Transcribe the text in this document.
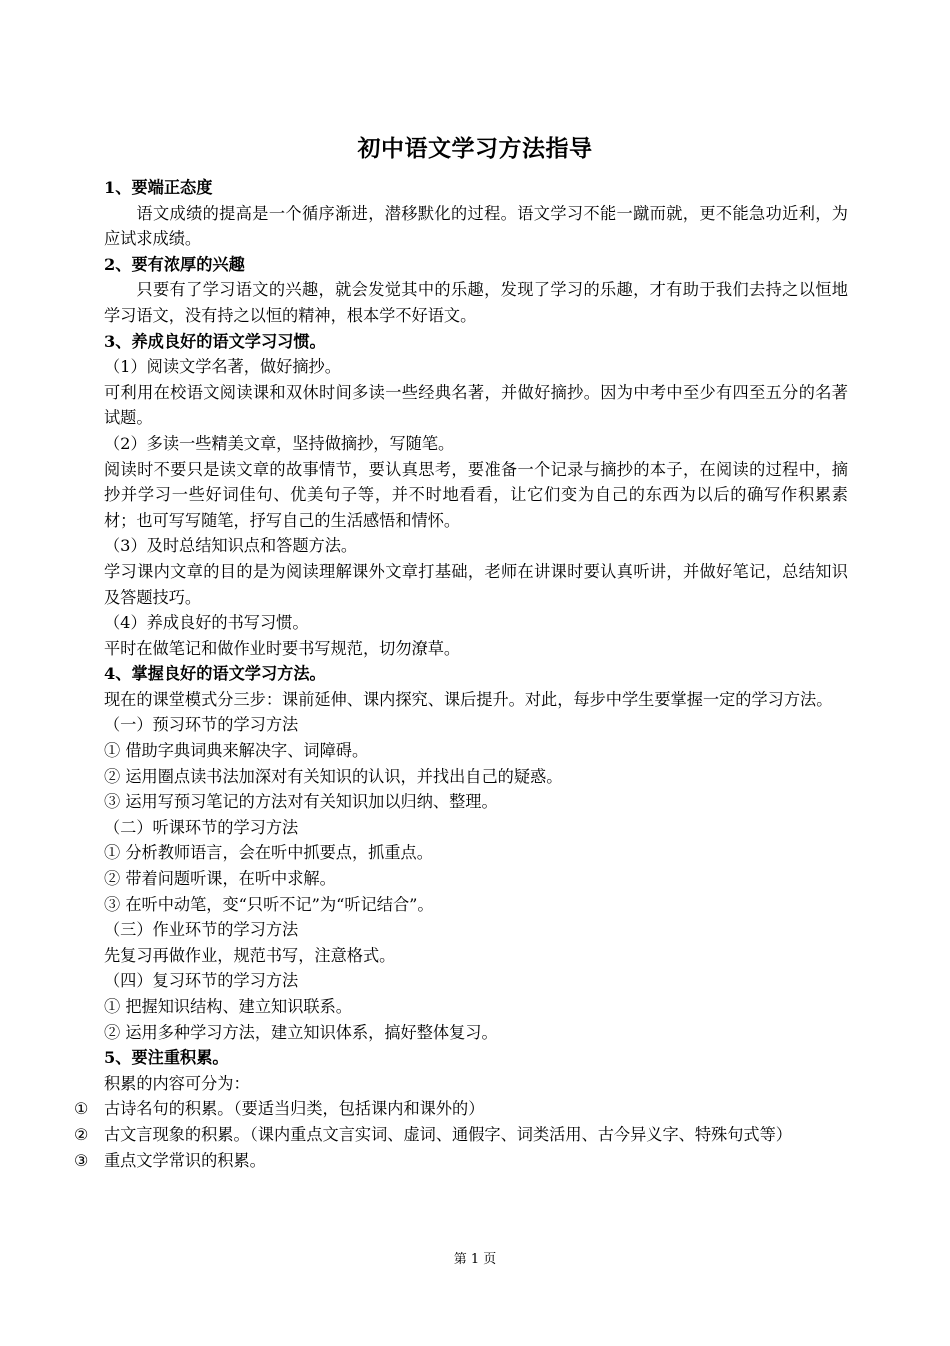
初中语文学习方法指导

1、要端正态度

语文成绩的提高是一个循序渐进，潜移默化的过程。语文学习不能一蹴而就，更不能急功近利，为应试求成绩。

2、要有浓厚的兴趣

只要有了学习语文的兴趣，就会发觉其中的乐趣，发现了学习的乐趣，才有助于我们去持之以恒地学习语文，没有持之以恒的精神，根本学不好语文。

3、养成良好的语文学习习惯。

（1）阅读文学名著，做好摘抄。

可利用在校语文阅读课和双休时间多读一些经典名著，并做好摘抄。因为中考中至少有四至五分的名著试题。

（2）多读一些精美文章，坚持做摘抄，写随笔。

阅读时不要只是读文章的故事情节，要认真思考，要准备一个记录与摘抄的本子，在阅读的过程中，摘抄并学习一些好词佳句、优美句子等，并不时地看看，让它们变为自己的东西为以后的确写作积累素材；也可写写随笔，抒写自己的生活感悟和情怀。

（3）及时总结知识点和答题方法。

学习课内文章的目的是为阅读理解课外文章打基础，老师在讲课时要认真听讲，并做好笔记，总结知识及答题技巧。

（4）养成良好的书写习惯。

平时在做笔记和做作业时要书写规范，切勿潦草。

4、掌握良好的语文学习方法。

现在的课堂模式分三步：课前延伸、课内探究、课后提升。对此，每步中学生要掌握一定的学习方法。

（一）预习环节的学习方法

① 借助字典词典来解决字、词障碍。

② 运用圈点读书法加深对有关知识的认识，并找出自己的疑惑。

③ 运用写预习笔记的方法对有关知识加以归纳、整理。

（二）听课环节的学习方法

① 分析教师语言，会在听中抓要点，抓重点。

② 带着问题听课，在听中求解。

③ 在听中动笔，变“只听不记”为“听记结合”。

（三）作业环节的学习方法

先复习再做作业，规范书写，注意格式。

（四）复习环节的学习方法

① 把握知识结构、建立知识联系。

② 运用多种学习方法，建立知识体系，搞好整体复习。

5、要注重积累。

积累的内容可分为：

① 古诗名句的积累。（要适当归类，包括课内和课外的）

② 古文言现象的积累。（课内重点文言实词、虚词、通假字、词类活用、古今异义字、特殊句式等）

③ 重点文学常识的积累。

第 1 页
